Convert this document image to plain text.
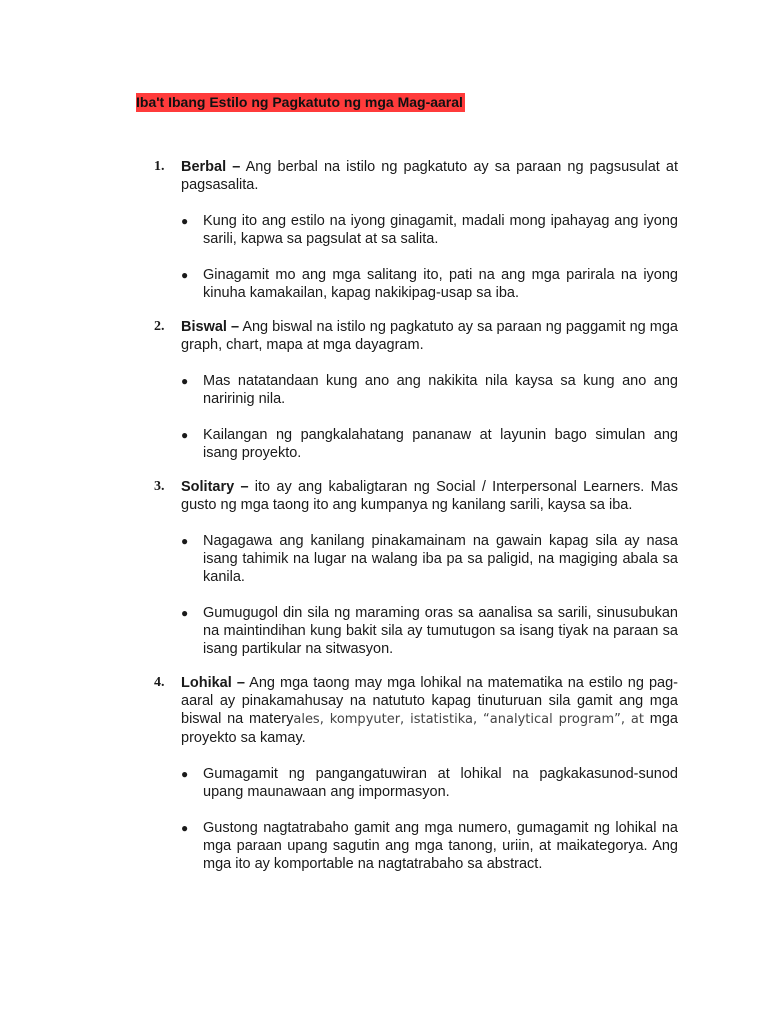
Iba't Ibang Estilo ng Pagkatuto ng mga Mag-aaral
1.	Berbal – Ang berbal na istilo ng pagkatuto ay sa paraan ng pagsusulat at pagsasalita.
●	Kung ito ang estilo na iyong ginagamit, madali mong ipahayag ang iyong sarili, kapwa sa pagsulat at sa salita.
●	Ginagamit mo ang mga salitang ito, pati na ang mga parirala na iyong kinuha kamakailan, kapag nakikipag-usap sa iba.
2.	Biswal – Ang biswal na istilo ng pagkatuto ay sa paraan ng paggamit ng mga graph, chart, mapa at mga dayagram.
●	Mas natatandaan kung ano ang nakikita nila kaysa sa kung ano ang naririnig nila.
●	Kailangan ng pangkalahatang pananaw at layunin bago simulan ang isang proyekto.
3.	Solitary – ito ay ang kabaligtaran ng Social / Interpersonal Learners. Mas gusto ng mga taong ito ang kumpanya ng kanilang sarili, kaysa sa iba.
●	Nagagawa ang kanilang pinakamainam na gawain kapag sila ay nasa isang tahimik na lugar na walang iba pa sa paligid, na magiging abala sa kanila.
●	Gumugugol din sila ng maraming oras sa aanalisa sa sarili, sinusubukan na maintindihan kung bakit sila ay tumutugon sa isang tiyak na paraan sa isang partikular na sitwasyon.
4.	Lohikal – Ang mga taong may mga lohikal na matematika na estilo ng pag-aaral ay pinakamahusay na natututo kapag tinuturuan sila gamit ang mga biswal na materyales, kompyuter, istatistika, “analytical program”, at mga proyekto sa kamay.
●	Gumagamit ng pangangatuwiran at lohikal na pagkakasunod-sunod upang maunawaan ang impormasyon.
●	Gustong nagtatrabaho gamit ang mga numero, gumagamit ng lohikal na mga paraan upang sagutin ang mga tanong, uriin, at maikategorya. Ang mga ito ay komportable na nagtatrabaho sa abstract.
